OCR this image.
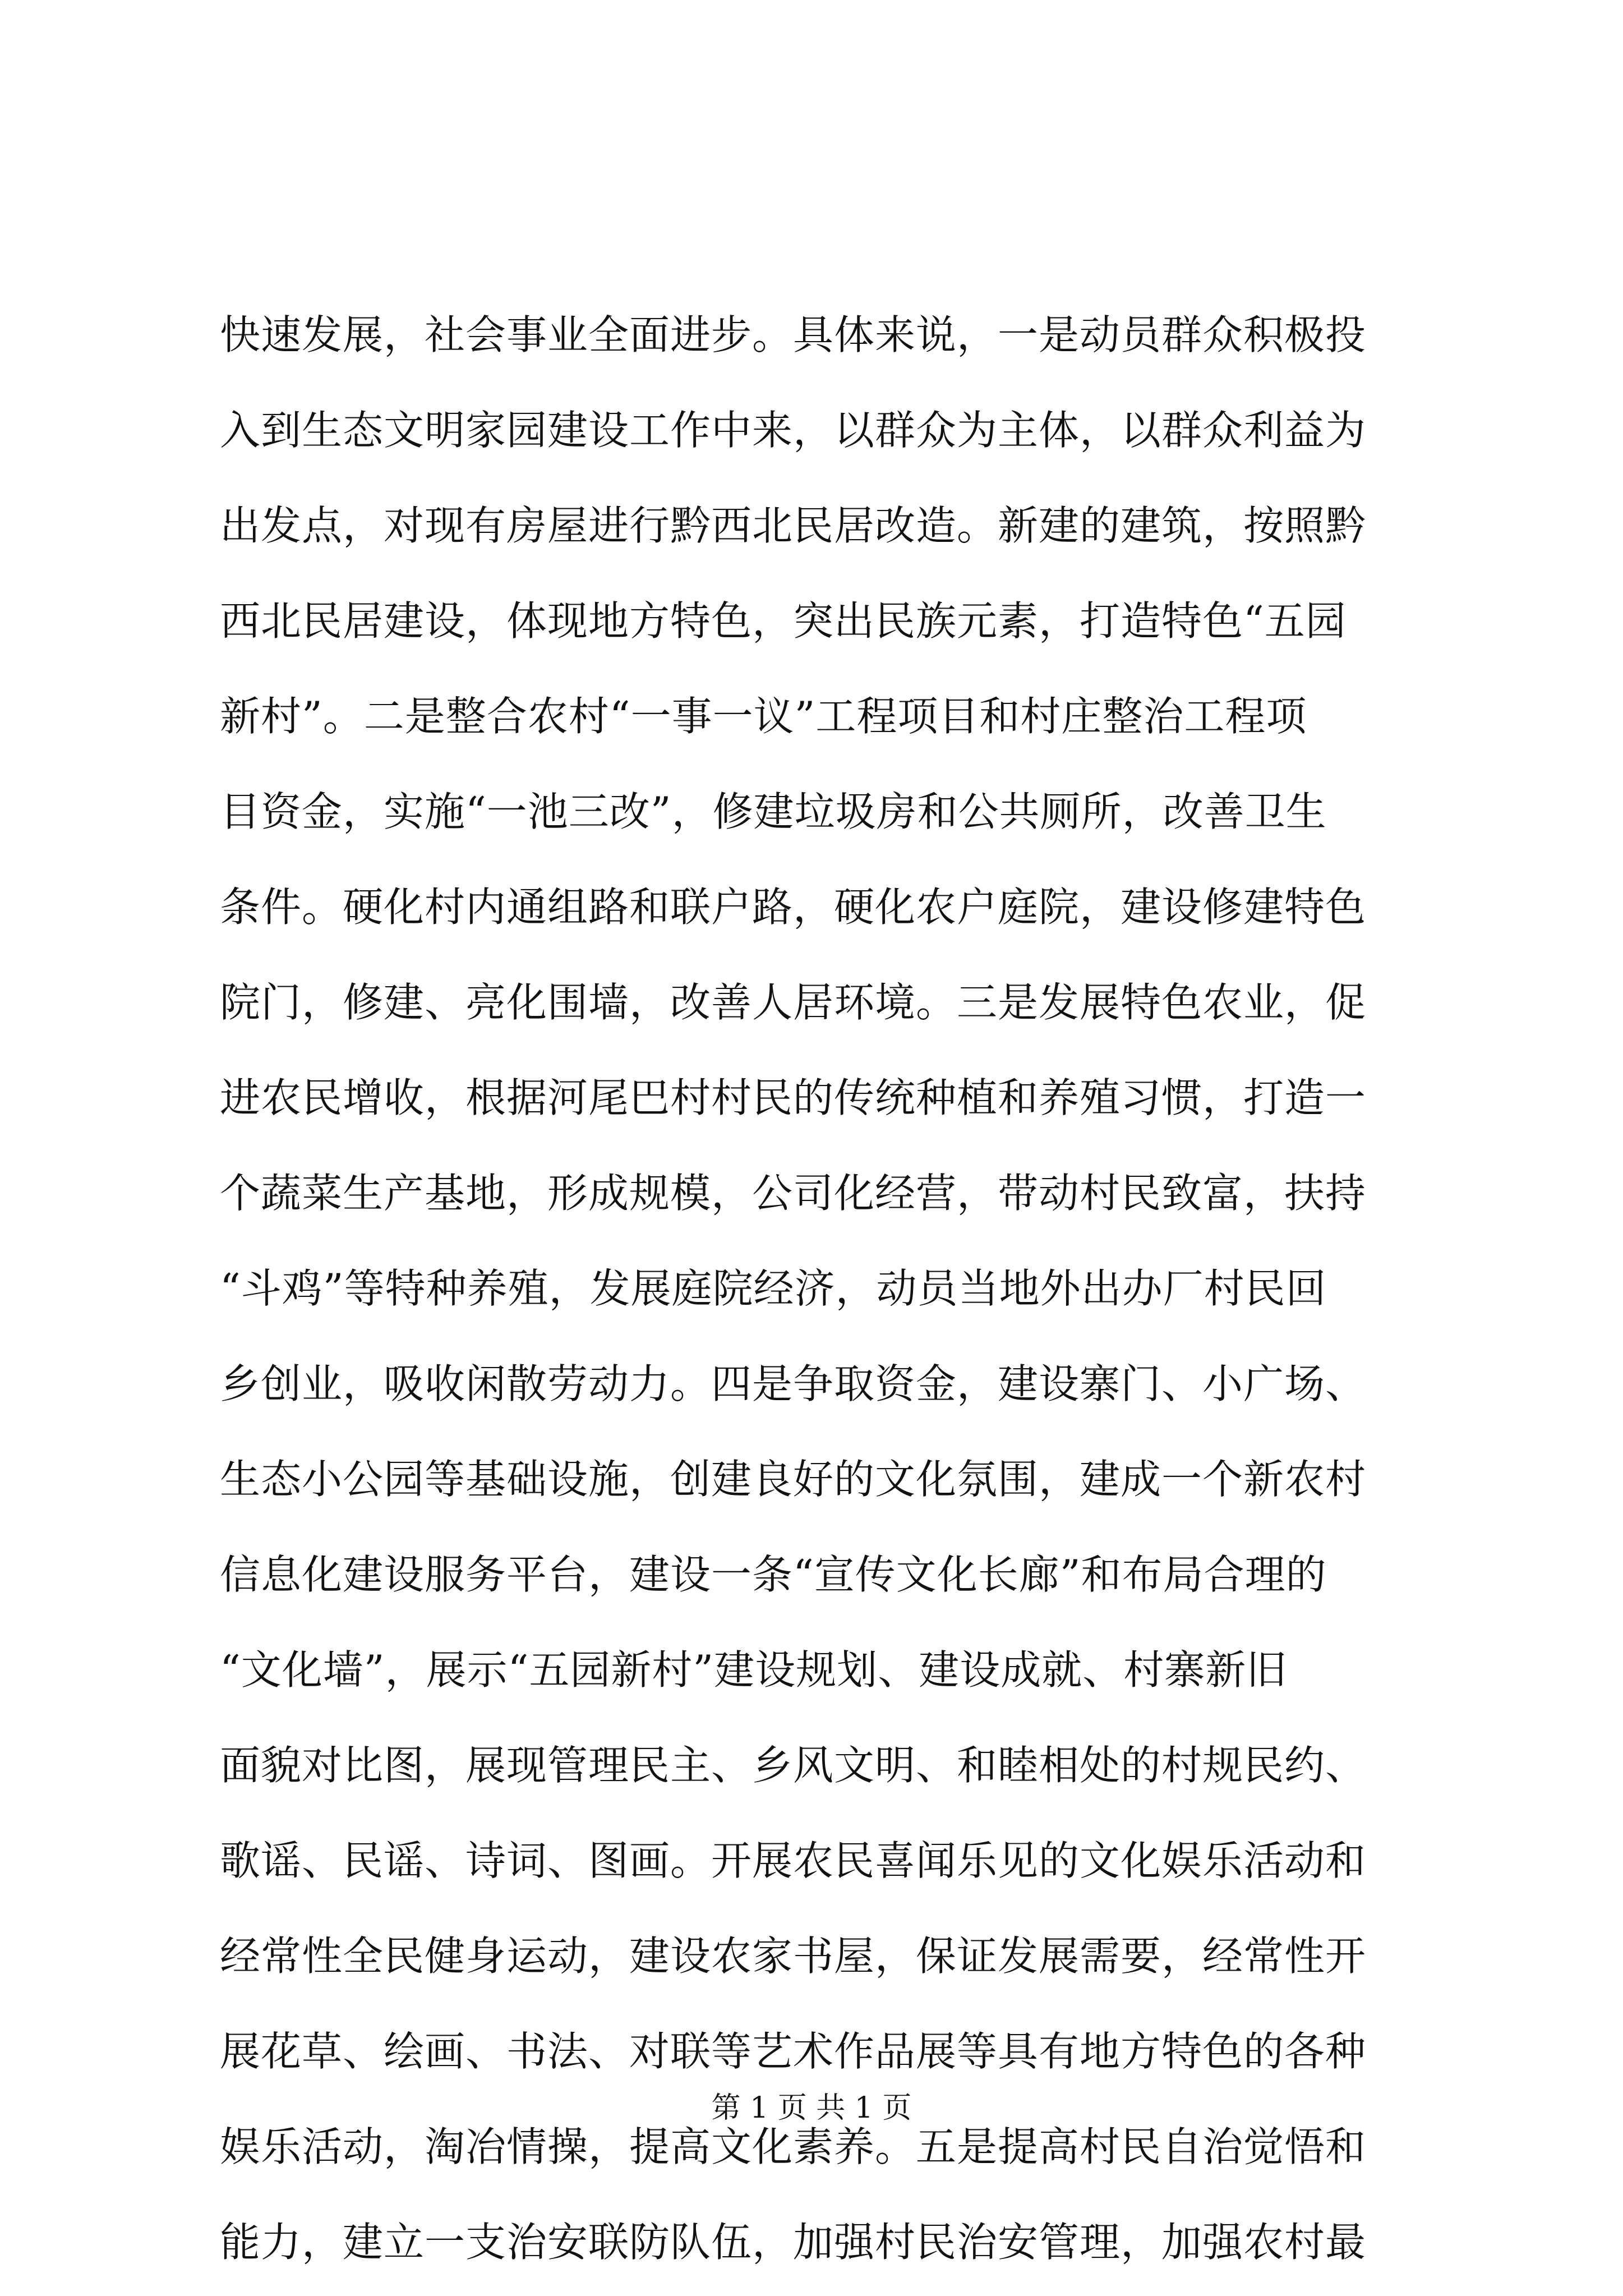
快速发展，社会事业全面进步。具体来说，一是动员群众积极投
入到生态文明家园建设工作中来，以群众为主体，以群众利益为
出发点，对现有房屋进行黔西北民居改造。新建的建筑，按照黔
西北民居建设，体现地方特色，突出民族元素，打造特色“五园
新村”。二是整合农村“一事一议”工程项目和村庄整治工程项
目资金，实施“一池三改”，修建垃圾房和公共厕所，改善卫生
条件。硬化村内通组路和联户路，硬化农户庭院，建设修建特色
院门，修建、亮化围墙，改善人居环境。三是发展特色农业，促
进农民增收，根据河尾巴村村民的传统种植和养殖习惯，打造一
个蔬菜生产基地，形成规模，公司化经营，带动村民致富，扶持
“斗鸡”等特种养殖，发展庭院经济，动员当地外出办厂村民回
乡创业，吸收闲散劳动力。四是争取资金，建设寨门、小广场、
生态小公园等基础设施，创建良好的文化氛围，建成一个新农村
信息化建设服务平台，建设一条“宣传文化长廊”和布局合理的
“文化墙”，展示“五园新村”建设规划、建设成就、村寨新旧
面貌对比图，展现管理民主、乡风文明、和睦相处的村规民约、
歌谣、民谣、诗词、图画。开展农民喜闻乐见的文化娱乐活动和
经常性全民健身运动，建设农家书屋，保证发展需要，经常性开
展花草、绘画、书法、对联等艺术作品展等具有地方特色的各种
娱乐活动，淘冶情操，提高文化素养。五是提高村民自治觉悟和
能力，建立一支治安联防队伍，加强村民治安管理，加强农村最
第 1 页 共 1 页
